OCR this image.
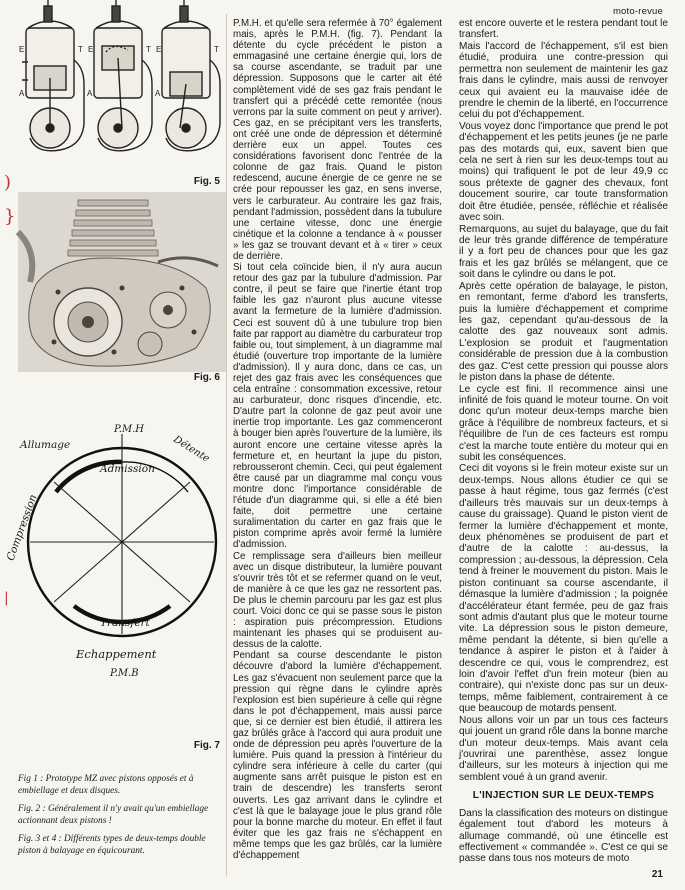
moto-revue
)
}
|
E	T E	T E	T
A	A	A
Fig. 5
Fig. 6
P.M.H
Allumage
Admission
Détente
Compression
Transfert
Echappement
P.M.B
Fig. 7

Fig 1 : Prototype MZ avec pistons opposés et à embiellage et deux disques.

Fig. 2 : Généralement il n'y avait qu'un embiellage actionnant deux pistons !

Fig. 3 et 4 : Différents types de deux-temps double piston à balayage en équicourant.

P.M.H. et qu'elle sera refermée à 70° également mais, après le P.M.H. (fig. 7). Pendant la détente du cycle précédent le piston a emmagasiné une certaine énergie qui, lors de sa course ascendante, se traduit par une dépression. Supposons que le carter ait été complètement vidé de ses gaz frais pendant le transfert qui a précédé cette remontée (nous verrons par la suite comment on peut y arriver). Ces gaz, en se précipitant vers les transferts, ont créé une onde de dépression et déterminé derrière eux un appel. Toutes ces considérations favorisent donc l'entrée de la colonne de gaz frais. Quand le piston redescend, aucune énergie de ce genre ne se crée pour repousser les gaz, en sens inverse, vers le carburateur. Au contraire les gaz frais, pendant l'admission, possèdent dans la tubulure une certaine vitesse, donc une énergie cinétique et la colonne a tendance à « pousser » les gaz se trouvant devant et à « tirer » ceux de derrière.

Si tout cela coïncide bien, il n'y aura aucun retour des gaz par la tubulure d'admission. Par contre, il peut se faire que l'inertie étant trop faible les gaz n'auront plus aucune vitesse avant la fermeture de la lumière d'admission. Ceci est souvent dû à une tubulure trop bien faite par rapport au diamètre du carburateur trop faible ou, tout simplement, à un diagramme mal étudié (ouverture trop importante de la lumière d'admission). Il y aura donc, dans ce cas, un rejet des gaz frais avec les conséquences que cela entraîne : consommation excessive, retour au carburateur, donc risques d'incendie, etc. D'autre part la colonne de gaz peut avoir une inertie trop importante. Les gaz commenceront à bouger bien après l'ouverture de la lumière, ils auront encore une certaine vitesse après la fermeture et, en heurtant la jupe du piston, rebrousseront chemin. Ceci, qui peut également être causé par un diagramme mal conçu vous montre donc l'importance considérable de l'étude d'un diagramme qui, si elle a été bien faite, doit permettre une certaine suralimentation du carter en gaz frais que le piston comprime après avoir fermé la lumière d'admission.

Ce remplissage sera d'ailleurs bien meilleur avec un disque distributeur, la lumière pouvant s'ouvrir très tôt et se refermer quand on le veut, de manière à ce que les gaz ne ressortent pas. De plus le chemin parcouru par les gaz est plus court. Voici donc ce qui se passe sous le piston : aspiration puis précompression. Etudions maintenant les phases qui se produisent au-dessus de la calotte.

Pendant sa course descendante le piston découvre d'abord la lumière d'échappement. Les gaz s'évacuent non seulement parce que la pression qui règne dans le cylindre après l'explosion est bien supérieure à celle qui règne dans le pot d'échappement, mais aussi parce que, si ce dernier est bien étudié, il attirera les gaz brûlés grâce à l'accord qui aura produit une onde de dépression peu après l'ouverture de la lumière. Puis quand la pression à l'intérieur du cylindre sera inférieure à celle du carter (qui augmente sans arrêt puisque le piston est en train de descendre) les transferts seront ouverts. Les gaz arrivant dans le cylindre et c'est là que le balayage joue le plus grand rôle pour la bonne marche du moteur. En effet il faut éviter que les gaz frais ne s'échappent en même temps que les gaz brûlés, car la lumière d'échappement

est encore ouverte et le restera pendant tout le transfert.

Mais l'accord de l'échappement, s'il est bien étudié, produira une contre-pression qui permettra non seulement de maintenir les gaz frais dans le cylindre, mais aussi de renvoyer ceux qui avaient eu la mauvaise idée de prendre le chemin de la liberté, en l'occurrence celui du pot d'échappement.

Vous voyez donc l'importance que prend le pot d'échappement et les petits jeunes (je ne parle pas des motards qui, eux, savent bien que cela ne sert à rien sur les deux-temps tout au moins) qui trafiquent le pot de leur 49,9 cc sous prétexte de gagner des chevaux, font doucement sourire, car toute transformation doit être étudiée, pensée, réfléchie et réalisée avec soin.

Remarquons, au sujet du balayage, que du fait de leur très grande différence de température il y a fort peu de chances pour que les gaz frais et les gaz brûlés se mélangent, que ce soit dans le cylindre ou dans le pot.

Après cette opération de balayage, le piston, en remontant, ferme d'abord les transferts, puis la lumière d'échappement et comprime les gaz, cependant qu'au-dessous de la calotte des gaz nouveaux sont admis. L'explosion se produit et l'augmentation considérable de pression due à la combustion des gaz. C'est cette pression qui pousse alors le piston dans la phase de détente.

Le cycle est fini. Il recommence ainsi une infinité de fois quand le moteur tourne. On voit donc qu'un moteur deux-temps marche bien grâce à l'équilibre de nombreux facteurs, et si l'équilibre de l'un de ces facteurs est rompu c'est la marche toute entière du moteur qui en subit les conséquences.

Ceci dit voyons si le frein moteur existe sur un deux-temps. Nous allons étudier ce qui se passe à haut régime, tous gaz fermés (c'est d'ailleurs très mauvais sur un deux-temps à cause du graissage). Quand le piston vient de fermer la lumière d'échappement et monte, deux phénomènes se produisent de part et d'autre de la calotte : au-dessus, la compression ; au-dessous, la dépression. Cela tend à freiner le mouvement du piston. Mais le piston continuant sa course ascendante, il démasque la lumière d'admission ; la poignée d'accélérateur étant fermée, peu de gaz frais sont admis d'autant plus que le moteur tourne vite. La dépression sous le piston demeure, même pendant la détente, si bien qu'elle a tendance à aspirer le piston et à l'aider à descendre ce qui, vous le comprendrez, est loin d'avoir l'effet d'un frein moteur (bien au contraire), qui n'existe donc pas sur un deux-temps, même faiblement, contrairement à ce que beaucoup de motards pensent.

Nous allons voir un par un tous ces facteurs qui jouent un grand rôle dans la bonne marche d'un moteur deux-temps. Mais avant cela j'ouvrirai une parenthèse, assez longue d'ailleurs, sur les moteurs à injection qui me semblent voué à un grand avenir.

L'INJECTION SUR LE DEUX-TEMPS

Dans la classification des moteurs on distingue également tout d'abord les moteurs à allumage commandé, où une étincelle est effectivement « commandée ». C'est ce qui se passe dans tous nos moteurs de moto

21
